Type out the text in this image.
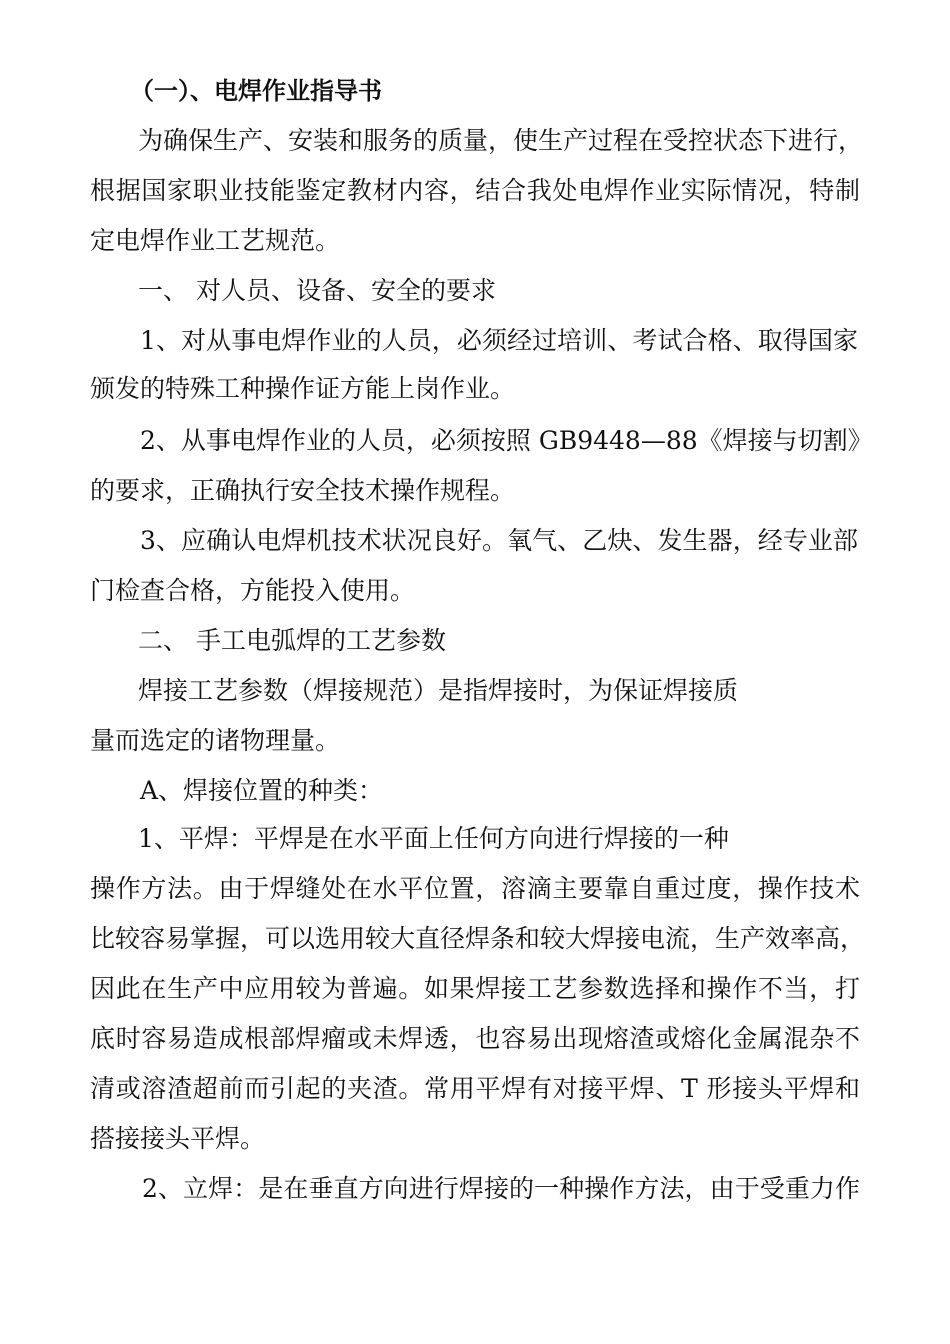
（一）、电焊作业指导书
为确保生产、安装和服务的质量，使生产过程在受控状态下进行，
根据国家职业技能鉴定教材内容，结合我处电焊作业实际情况，特制
定电焊作业工艺规范。
一、 对人员、设备、安全的要求
1、对从事电焊作业的人员，必须经过培训、考试合格、取得国家
颁发的特殊工种操作证方能上岗作业。
2、从事电焊作业的人员，必须按照 GB9448—88《焊接与切割》
的要求，正确执行安全技术操作规程。
3、应确认电焊机技术状况良好。氧气、乙炔、发生器，经专业部
门检查合格，方能投入使用。
二、 手工电弧焊的工艺参数
焊接工艺参数（焊接规范）是指焊接时，为保证焊接质
量而选定的诸物理量。
A、焊接位置的种类：
1、平焊：平焊是在水平面上任何方向进行焊接的一种
操作方法。由于焊缝处在水平位置，溶滴主要靠自重过度，操作技术
比较容易掌握，可以选用较大直径焊条和较大焊接电流，生产效率高，
因此在生产中应用较为普遍。如果焊接工艺参数选择和操作不当，打
底时容易造成根部焊瘤或未焊透，也容易出现熔渣或熔化金属混杂不
清或溶渣超前而引起的夹渣。常用平焊有对接平焊、T 形接头平焊和
搭接接头平焊。
2、立焊：是在垂直方向进行焊接的一种操作方法，由于受重力作
